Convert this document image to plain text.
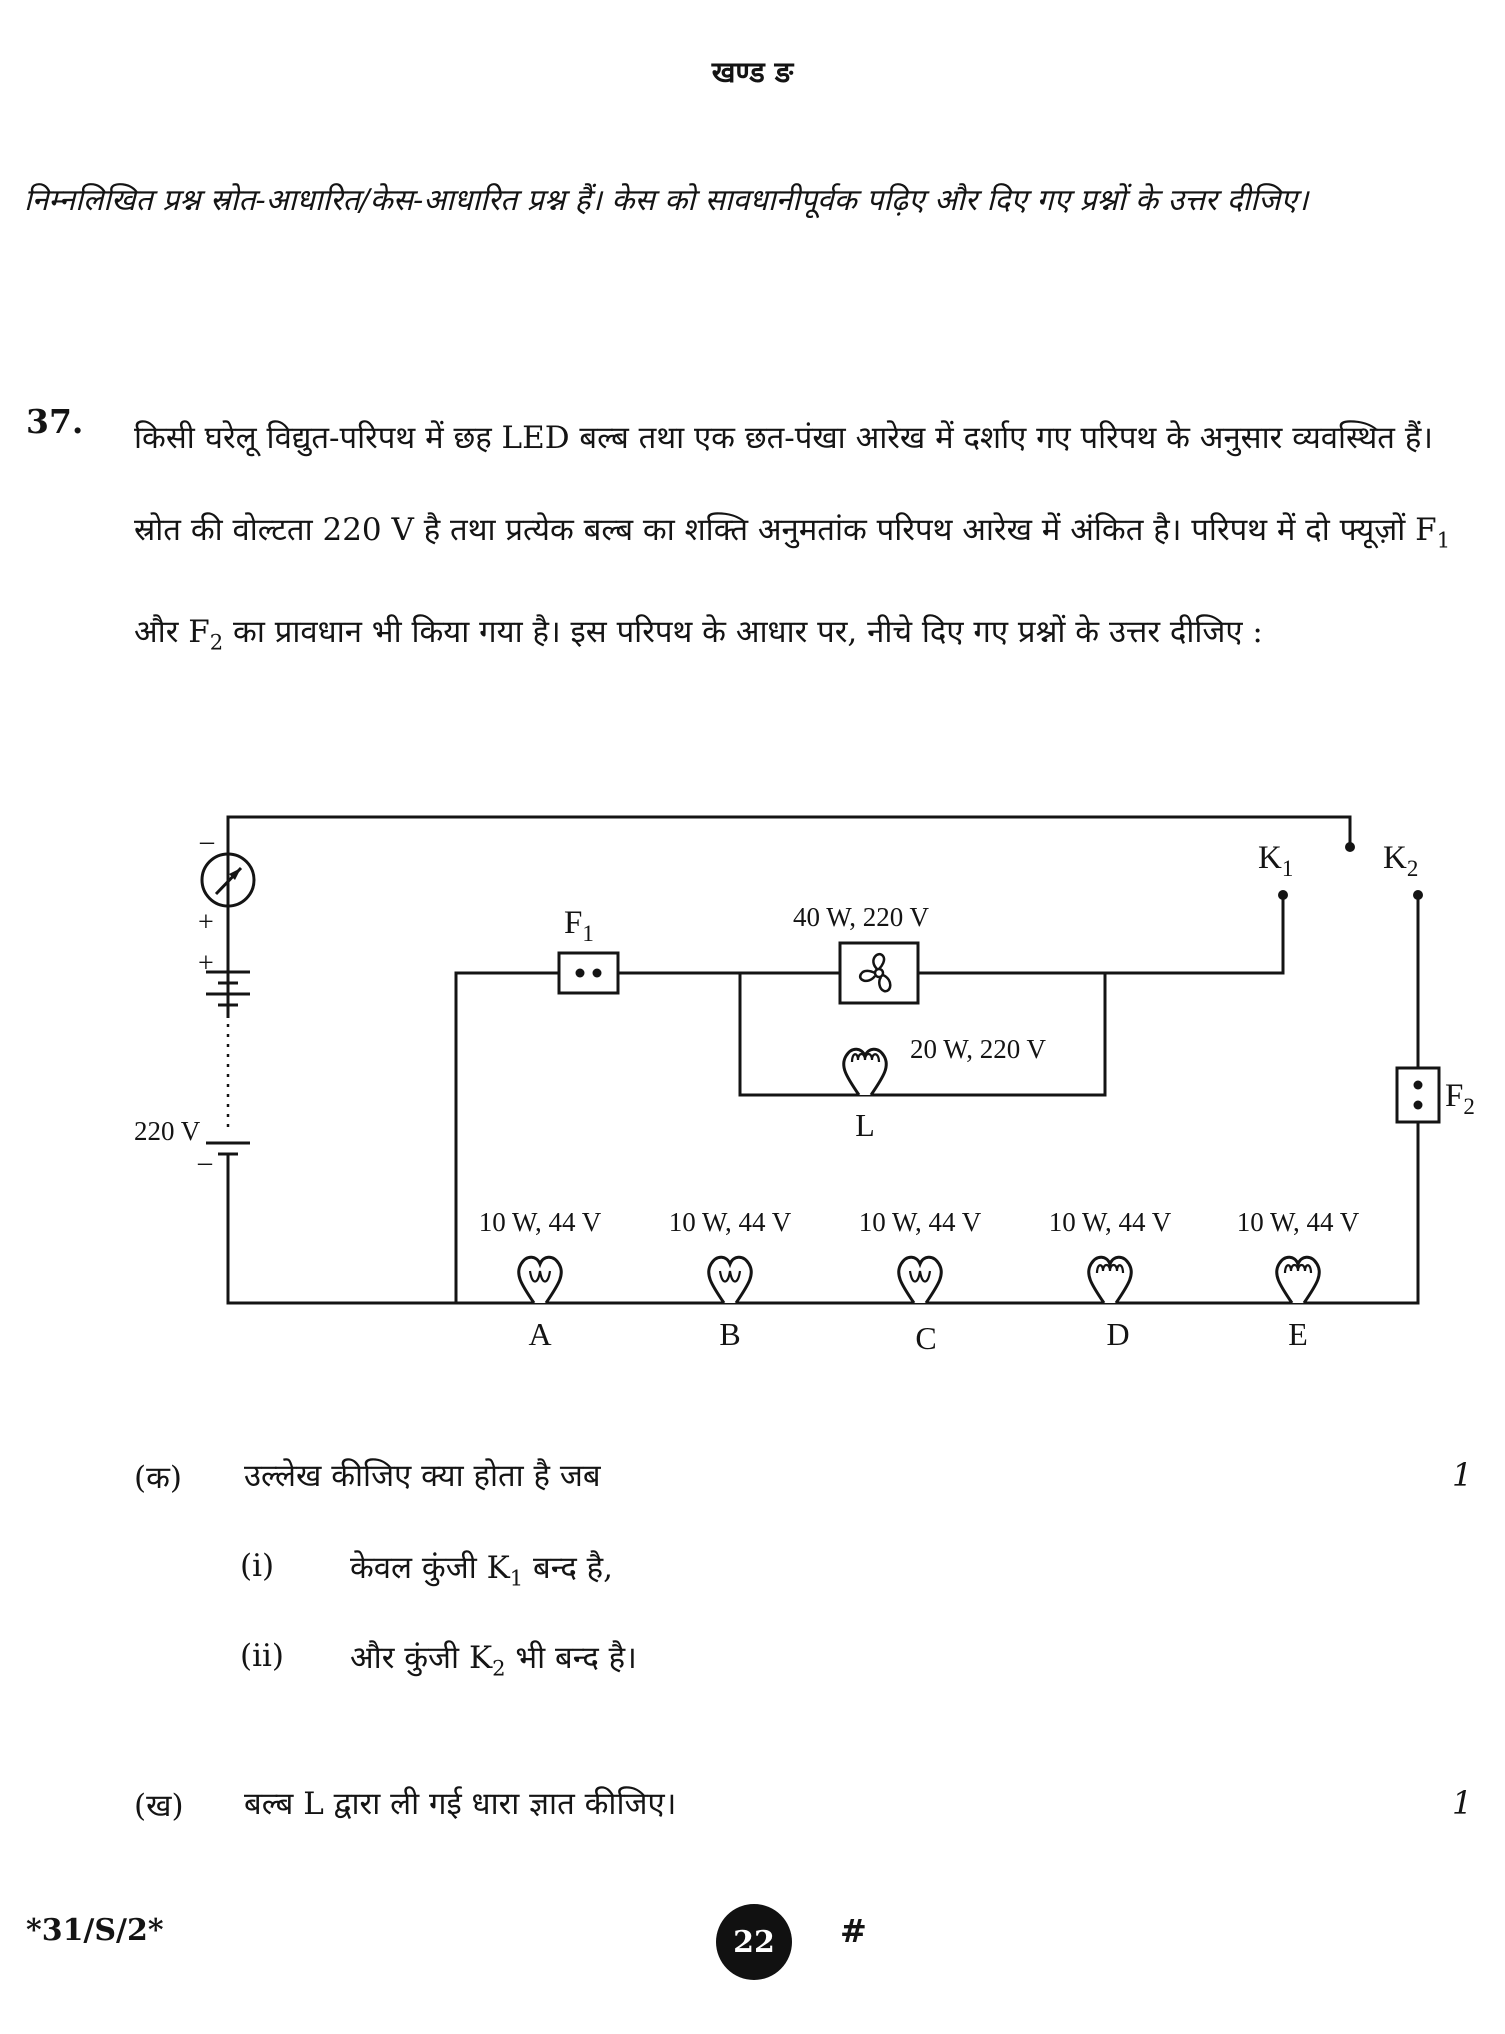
खण्ड ङ
निम्नलिखित प्रश्न स्रोत-आधारित/केस-आधारित प्रश्न हैं। केस को सावधानीपूर्वक पढ़िए और दिए गए प्रश्नों के उत्तर दीजिए।
37. किसी घरेलू विद्युत-परिपथ में छह LED बल्ब तथा एक छत-पंखा आरेख में दर्शाए गए परिपथ के अनुसार व्यवस्थित हैं। स्रोत की वोल्टता 220 V है तथा प्रत्येक बल्ब का शक्ति अनुमतांक परिपथ आरेख में अंकित है। परिपथ में दो फ्यूज़ों $F_1$ और $F_2$ का प्रावधान भी किया गया है। इस परिपथ के आधार पर, नीचे दिए गए प्रश्नों के उत्तर दीजिए :
–
+
+
–
220 V
$F_1$
$F_2$
$K_1$	$K_2$
40 W, 220 V
20 W, 220 V
L
10 W, 44 V 10 W, 44 V 10 W, 44 V 10 W, 44 V 10 W, 44 V
A	B	C	D	E
(क) उल्लेख कीजिए क्या होता है जब	1
(i) केवल कुंजी $K_1$ बन्द है,
(ii) और कुंजी $K_2$ भी बन्द है।
(ख) बल्ब L द्वारा ली गई धारा ज्ञात कीजिए।	1
*31/S/2*	22 #
